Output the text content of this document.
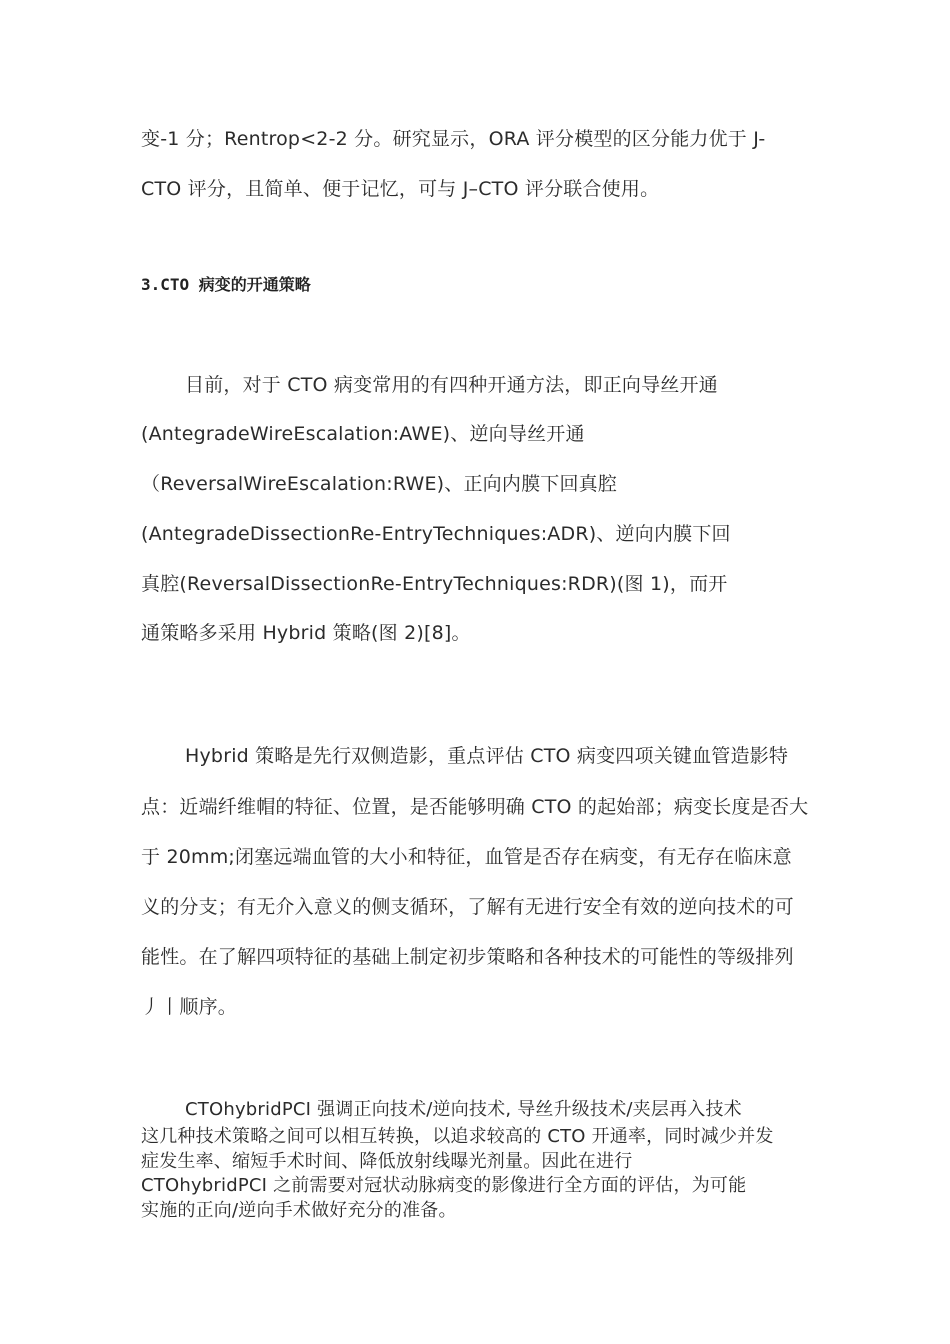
变-1 分；Rentrop<2-2 分。研究显示，ORA 评分模型的区分能力优于 J-
CTO 评分，且简单、便于记忆，可与 J–CTO 评分联合使用。
3.CTO 病变的开通策略
目前，对于 CTO 病变常用的有四种开通方法，即正向导丝开通
(AntegradeWireEscalation:AWE)、逆向导丝开通
（ReversalWireEscalation:RWE)、正向内膜下回真腔
(AntegradeDissectionRe-EntryTechniques:ADR)、逆向内膜下回
真腔(ReversalDissectionRe-EntryTechniques:RDR)(图 1)，而开
通策略多采用 Hybrid 策略(图 2)[8]。
Hybrid 策略是先行双侧造影，重点评估 CTO 病变四项关键血管造影特
点：近端纤维帽的特征、位置，是否能够明确 CTO 的起始部；病变长度是否大
于 20mm;闭塞远端血管的大小和特征，血管是否存在病变，有无存在临床意
义的分支；有无介入意义的侧支循环，了解有无进行安全有效的逆向技术的可
能性。在了解四项特征的基础上制定初步策略和各种技术的可能性的等级排列
丿丨顺序。
CTOhybridPCI 强调正向技术/逆向技术, 导丝升级技术/夹层再入技术
这几种技术策略之间可以相互转换，以追求较高的 CTO 开通率，同时减少并发
症发生率、缩短手术时间、降低放射线曝光剂量。因此在进行
CTOhybridPCI 之前需要对冠状动脉病变的影像进行全方面的评估，为可能
实施的正向/逆向手术做好充分的准备。
